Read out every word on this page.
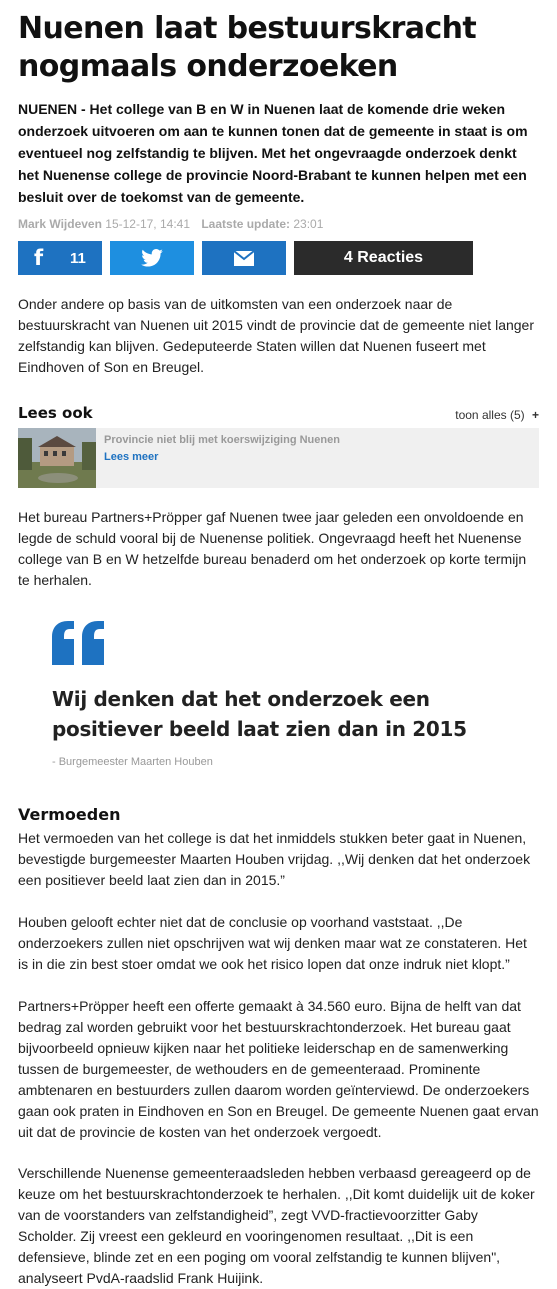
Nuenen laat bestuurskracht nogmaals onderzoeken

NUENEN - Het college van B en W in Nuenen laat de komende drie weken onderzoek uitvoeren om aan te kunnen tonen dat de gemeente in staat is om eventueel nog zelfstandig te blijven. Met het ongevraagde onderzoek denkt het Nuenense college de provincie Noord-Brabant te kunnen helpen met een besluit over de toekomst van de gemeente.

Mark Wijdeven 15-12-17, 14:41 Laatste update: 23:01
f	11	4 Reacties

Onder andere op basis van de uitkomsten van een onderzoek naar de bestuurskracht van Nuenen uit 2015 vindt de provincie dat de gemeente niet langer zelfstandig kan blijven. Gedeputeerde Staten willen dat Nuenen fuseert met Eindhoven of Son en Breugel.

Lees ook	toon alles (5) +
Provincie niet blij met koerswijziging Nuenen
Lees meer

Het bureau Partners+Pröpper gaf Nuenen twee jaar geleden een onvoldoende en legde de schuld vooral bij de Nuenense politiek. Ongevraagd heeft het Nuenense college van B en W hetzelfde bureau benaderd om het onderzoek op korte termijn te herhalen.

Wij denken dat het onderzoek een positiever beeld laat zien dan in 2015
- Burgemeester Maarten Houben
Vermoeden

Het vermoeden van het college is dat het inmiddels stukken beter gaat in Nuenen, bevestigde burgemeester Maarten Houben vrijdag. ,,Wij denken dat het onderzoek een positiever beeld laat zien dan in 2015.”

Houben gelooft echter niet dat de conclusie op voorhand vaststaat. ,,De onderzoekers zullen niet opschrijven wat wij denken maar wat ze constateren. Het is in die zin best stoer omdat we ook het risico lopen dat onze indruk niet klopt.”

Partners+Pröpper heeft een offerte gemaakt à 34.560 euro. Bijna de helft van dat bedrag zal worden gebruikt voor het bestuurskrachtonderzoek. Het bureau gaat bijvoorbeeld opnieuw kijken naar het politieke leiderschap en de samenwerking tussen de burgemeester, de wethouders en de gemeenteraad. Prominente ambtenaren en bestuurders zullen daarom worden geïnterviewd. De onderzoekers gaan ook praten in Eindhoven en Son en Breugel. De gemeente Nuenen gaat ervan uit dat de provincie de kosten van het onderzoek vergoedt.

Verschillende Nuenense gemeenteraadsleden hebben verbaasd gereageerd op de keuze om het bestuurskrachtonderzoek te herhalen. ,,Dit komt duidelijk uit de koker van de voorstanders van zelfstandigheid”, zegt VVD-fractievoorzitter Gaby Scholder. Zij vreest een gekleurd en vooringenomen resultaat. ,,Dit is een defensieve, blinde zet en een poging om vooral zelfstandig te kunnen blijven", analyseert PvdA-raadslid Frank Huijink.
